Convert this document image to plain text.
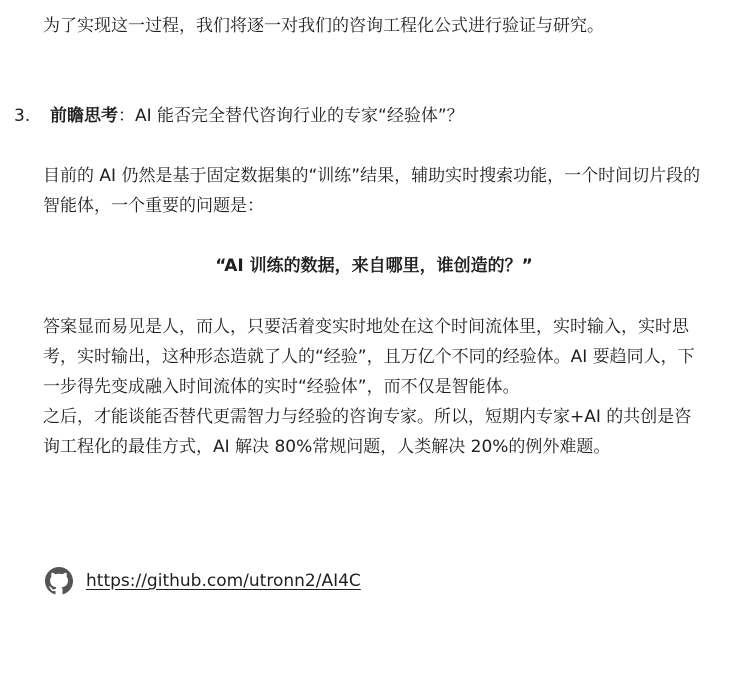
为了实现这一过程，我们将逐一对我们的咨询工程化公式进行验证与研究。

3. 前瞻思考：AI 能否完全替代咨询行业的专家“经验体”？

目前的 AI 仍然是基于固定数据集的“训练”结果，辅助实时搜索功能，一个时间切片段的智能体，一个重要的问题是：

“AI 训练的数据，来自哪里，谁创造的？”

答案显而易见是人，而人，只要活着变实时地处在这个时间流体里，实时输入，实时思考，实时输出，这种形态造就了人的“经验”，且万亿个不同的经验体。AI 要趋同人，下一步得先变成融入时间流体的实时“经验体”，而不仅是智能体。

之后，才能谈能否替代更需智力与经验的咨询专家。所以，短期内专家+AI 的共创是咨询工程化的最佳方式，AI 解决 80%常规问题，人类解决 20%的例外难题。

https://github.com/utronn2/AI4C
